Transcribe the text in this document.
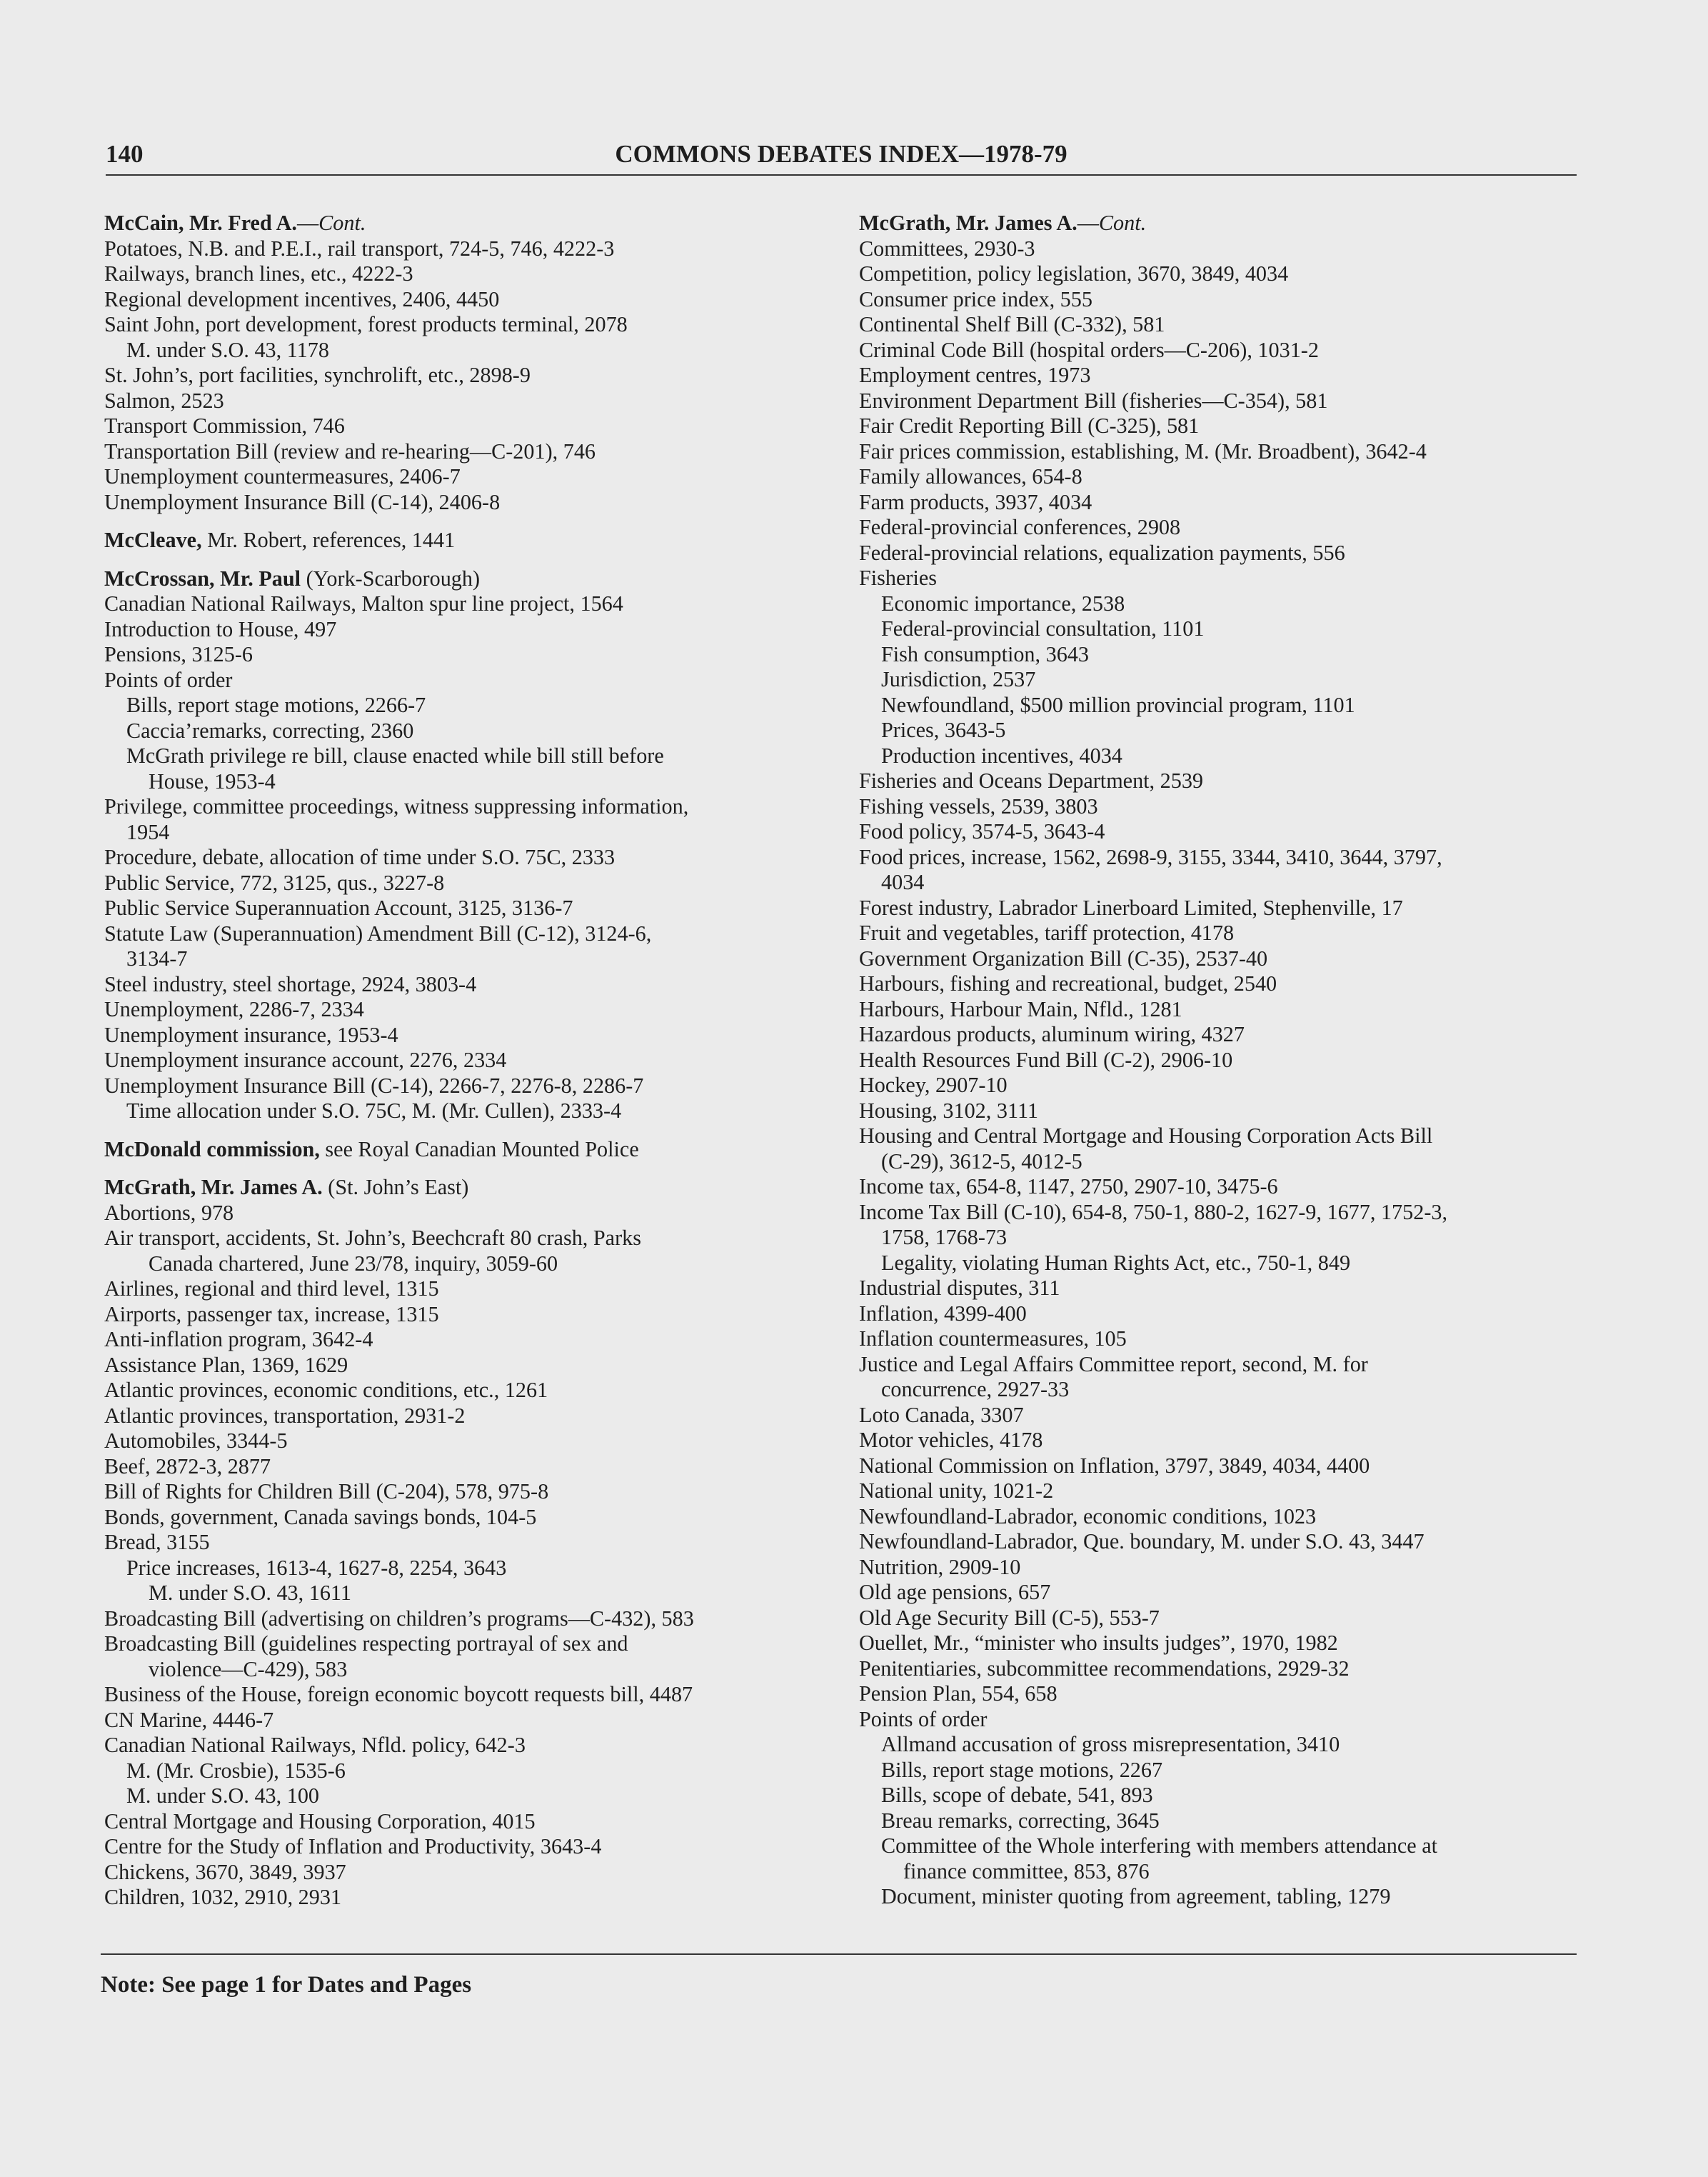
140	COMMONS DEBATES INDEX—1978-79
McCain, Mr. Fred A.—Cont.
Potatoes, N.B. and P.E.I., rail transport, 724-5, 746, 4222-3
Railways, branch lines, etc., 4222-3
Regional development incentives, 2406, 4450
Saint John, port development, forest products terminal, 2078
M. under S.O. 43, 1178
St. John’s, port facilities, synchrolift, etc., 2898-9
Salmon, 2523
Transport Commission, 746
Transportation Bill (review and re-hearing—C-201), 746
Unemployment countermeasures, 2406-7
Unemployment Insurance Bill (C-14), 2406-8
McCleave, Mr. Robert, references, 1441
McCrossan, Mr. Paul (York-Scarborough)
Canadian National Railways, Malton spur line project, 1564
Introduction to House, 497
Pensions, 3125-6
Points of order
Bills, report stage motions, 2266-7
Caccia’remarks, correcting, 2360
McGrath privilege re bill, clause enacted while bill still before
House, 1953-4
Privilege, committee proceedings, witness suppressing information,
1954
Procedure, debate, allocation of time under S.O. 75C, 2333
Public Service, 772, 3125, qus., 3227-8
Public Service Superannuation Account, 3125, 3136-7
Statute Law (Superannuation) Amendment Bill (C-12), 3124-6,
3134-7
Steel industry, steel shortage, 2924, 3803-4
Unemployment, 2286-7, 2334
Unemployment insurance, 1953-4
Unemployment insurance account, 2276, 2334
Unemployment Insurance Bill (C-14), 2266-7, 2276-8, 2286-7
Time allocation under S.O. 75C, M. (Mr. Cullen), 2333-4
McDonald commission, see Royal Canadian Mounted Police
McGrath, Mr. James A. (St. John’s East)
Abortions, 978
Air transport, accidents, St. John’s, Beechcraft 80 crash, Parks
Canada chartered, June 23/78, inquiry, 3059-60
Airlines, regional and third level, 1315
Airports, passenger tax, increase, 1315
Anti-inflation program, 3642-4
Assistance Plan, 1369, 1629
Atlantic provinces, economic conditions, etc., 1261
Atlantic provinces, transportation, 2931-2
Automobiles, 3344-5
Beef, 2872-3, 2877
Bill of Rights for Children Bill (C-204), 578, 975-8
Bonds, government, Canada savings bonds, 104-5
Bread, 3155
Price increases, 1613-4, 1627-8, 2254, 3643
M. under S.O. 43, 1611
Broadcasting Bill (advertising on children’s programs—C-432), 583
Broadcasting Bill (guidelines respecting portrayal of sex and
violence—C-429), 583
Business of the House, foreign economic boycott requests bill, 4487
CN Marine, 4446-7
Canadian National Railways, Nfld. policy, 642-3
M. (Mr. Crosbie), 1535-6
M. under S.O. 43, 100
Central Mortgage and Housing Corporation, 4015
Centre for the Study of Inflation and Productivity, 3643-4
Chickens, 3670, 3849, 3937
Children, 1032, 2910, 2931
McGrath, Mr. James A.—Cont.
Committees, 2930-3
Competition, policy legislation, 3670, 3849, 4034
Consumer price index, 555
Continental Shelf Bill (C-332), 581
Criminal Code Bill (hospital orders—C-206), 1031-2
Employment centres, 1973
Environment Department Bill (fisheries—C-354), 581
Fair Credit Reporting Bill (C-325), 581
Fair prices commission, establishing, M. (Mr. Broadbent), 3642-4
Family allowances, 654-8
Farm products, 3937, 4034
Federal-provincial conferences, 2908
Federal-provincial relations, equalization payments, 556
Fisheries
Economic importance, 2538
Federal-provincial consultation, 1101
Fish consumption, 3643
Jurisdiction, 2537
Newfoundland, $500 million provincial program, 1101
Prices, 3643-5
Production incentives, 4034
Fisheries and Oceans Department, 2539
Fishing vessels, 2539, 3803
Food policy, 3574-5, 3643-4
Food prices, increase, 1562, 2698-9, 3155, 3344, 3410, 3644, 3797,
4034
Forest industry, Labrador Linerboard Limited, Stephenville, 17
Fruit and vegetables, tariff protection, 4178
Government Organization Bill (C-35), 2537-40
Harbours, fishing and recreational, budget, 2540
Harbours, Harbour Main, Nfld., 1281
Hazardous products, aluminum wiring, 4327
Health Resources Fund Bill (C-2), 2906-10
Hockey, 2907-10
Housing, 3102, 3111
Housing and Central Mortgage and Housing Corporation Acts Bill
(C-29), 3612-5, 4012-5
Income tax, 654-8, 1147, 2750, 2907-10, 3475-6
Income Tax Bill (C-10), 654-8, 750-1, 880-2, 1627-9, 1677, 1752-3,
1758, 1768-73
Legality, violating Human Rights Act, etc., 750-1, 849
Industrial disputes, 311
Inflation, 4399-400
Inflation countermeasures, 105
Justice and Legal Affairs Committee report, second, M. for
concurrence, 2927-33
Loto Canada, 3307
Motor vehicles, 4178
National Commission on Inflation, 3797, 3849, 4034, 4400
National unity, 1021-2
Newfoundland-Labrador, economic conditions, 1023
Newfoundland-Labrador, Que. boundary, M. under S.O. 43, 3447
Nutrition, 2909-10
Old age pensions, 657
Old Age Security Bill (C-5), 553-7
Ouellet, Mr., “minister who insults judges”, 1970, 1982
Penitentiaries, subcommittee recommendations, 2929-32
Pension Plan, 554, 658
Points of order
Allmand accusation of gross misrepresentation, 3410
Bills, report stage motions, 2267
Bills, scope of debate, 541, 893
Breau remarks, correcting, 3645
Committee of the Whole interfering with members attendance at
finance committee, 853, 876
Document, minister quoting from agreement, tabling, 1279
Note: See page 1 for Dates and Pages
